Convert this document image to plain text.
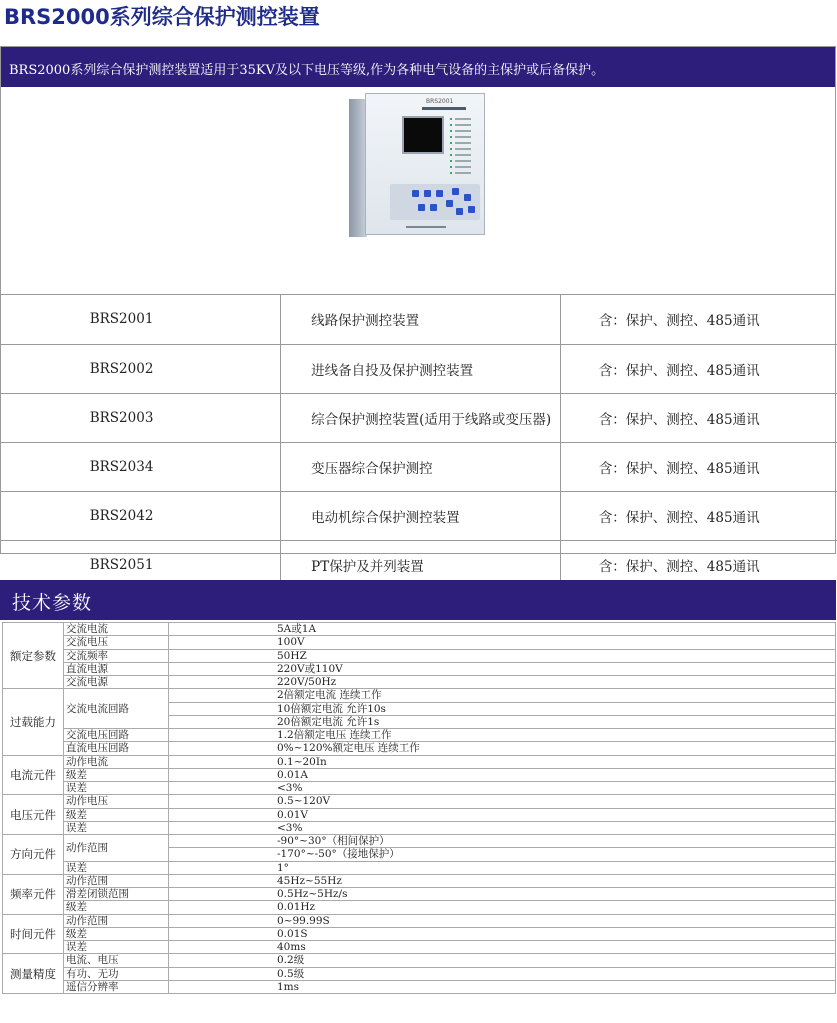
BRS2000系列综合保护测控装置
BRS2000系列综合保护测控装置适用于35KV及以下电压等级,作为各种电气设备的主保护或后备保护。
BRS2001
BRS2001	线路保护测控装置	含：保护、测控、485通讯
BRS2002	进线备自投及保护测控装置	含：保护、测控、485通讯
BRS2003	综合保护测控装置(适用于线路或变压器)	含：保护、测控、485通讯
BRS2034	变压器综合保护测控	含：保护、测控、485通讯
BRS2042	电动机综合保护测控装置	含：保护、测控、485通讯
BRS2051	PT保护及并列装置	含：保护、测控、485通讯
技术参数
额定参数	交流电流	5A或1A
	交流电压	100V
	交流频率	50HZ
	直流电源	220V或110V
	交流电源	220V/50Hz
过载能力	交流电流回路	2倍额定电流 连续工作
		10倍额定电流 允许10s
		20倍额定电流 允许1s
	交流电压回路	1.2倍额定电压 连续工作
	直流电压回路	0%~120%额定电压 连续工作
电流元件	动作电流	0.1~20In
	级差	0.01A
	误差	<3%
电压元件	动作电压	0.5~120V
	级差	0.01V
	误差	<3%
方向元件	动作范围	-90°~30°（相间保护）
		-170°~-50°（接地保护）
	误差	1°
频率元件	动作范围	45Hz~55Hz
	滑差闭锁范围	0.5Hz~5Hz/s
	级差	0.01Hz
时间元件	动作范围	0~99.99S
	级差	0.01S
	误差	40ms
测量精度	电流、电压	0.2级
	有功、无功	0.5级
	遥信分辨率	1ms
